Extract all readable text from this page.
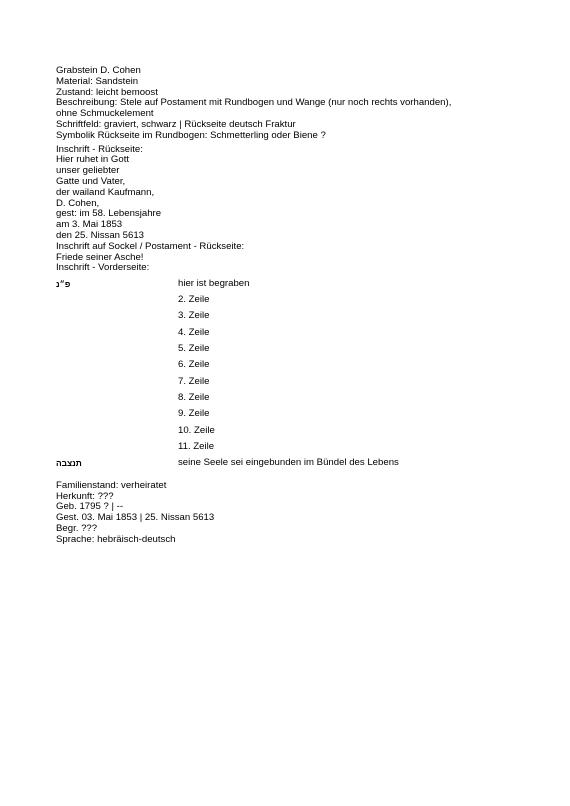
Grabstein D. Cohen
Material: Sandstein
Zustand: leicht bemoost
Beschreibung: Stele auf Postament mit Rundbogen und Wange (nur noch rechts vorhanden),
ohne Schmuckelement
Schriftfeld: graviert, schwarz | Rückseite deutsch Fraktur
Symbolik Rückseite im Rundbogen: Schmetterling oder Biene ?
Inschrift - Rückseite:
Hier ruhet in Gott
unser geliebter
Gatte und Vater,
der wailand Kaufmann,
D. Cohen,
gest: im 58. Lebensjahre
am 3. Mai 1853
den 25. Nissan 5613
Inschrift auf Sockel / Postament - Rückseite:
Friede seiner Asche!
Inschrift - Vorderseite:
פ״נ	hier ist begraben
	2. Zeile
	3. Zeile
	4. Zeile
	5. Zeile
	6. Zeile
	7. Zeile
	8. Zeile
	9. Zeile
	10. Zeile
	11. Zeile
תנצבה	seine Seele sei eingebunden im Bündel des Lebens
Familienstand: verheiratet
Herkunft: ???
Geb. 1795 ? | --
Gest. 03. Mai 1853 | 25. Nissan 5613
Begr. ???
Sprache: hebräisch-deutsch
